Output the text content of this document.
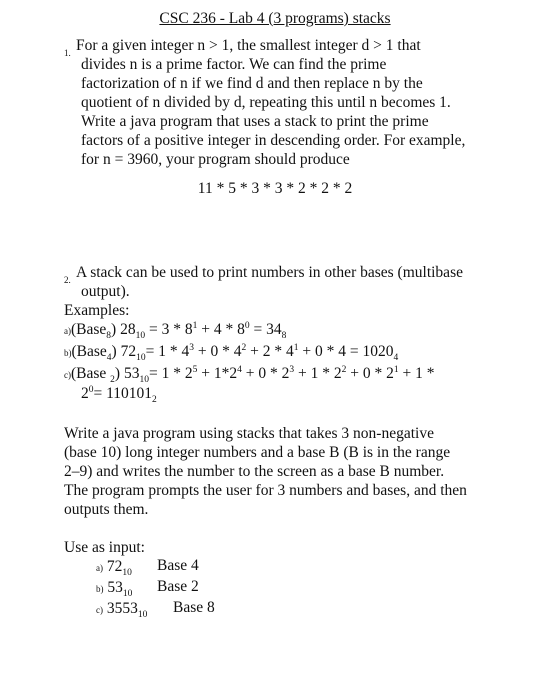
CSC 236 - Lab 4 (3 programs) stacks
1. For a given integer n > 1, the smallest integer d > 1 that
divides n is a prime factor. We can find the prime
factorization of n if we find d and then replace n by the
quotient of n divided by d, repeating this until n becomes 1.
Write a java program that uses a stack to print the prime
factors of a positive integer in descending order. For example,
for n = 3960, your program should produce
11 * 5 * 3 * 3 * 2 * 2 * 2
2. A stack can be used to print numbers in other bases (multibase
output).
Examples:
a)(Base$_8$) $28_{10} = 3 * 8^1 + 4 * 8^0 = 34_8$
b)(Base$_4$) $72_{10}= 1 * 4^3 + 0 * 4^2 + 2 * 4^1 + 0 * 4 = 1020_4$
c)(Base $_2$) $53_{10}= 1 * 2^5 + 1*2^4 + 0 * 2^3 + 1 * 2^2 + 0 * 2^1 + 1$ *
$2^0= 110101_2$
Write a java program using stacks that takes 3 non-negative
(base 10) long integer numbers and a base B (B is in the range
2–9) and writes the number to the screen as a base B number.
The program prompts the user for 3 numbers and bases, and then
outputs them.
Use as input:
a) $72_{10}$ Base 4
b) $53_{10}$ Base 2
c) $3553_{10}$ Base 8
